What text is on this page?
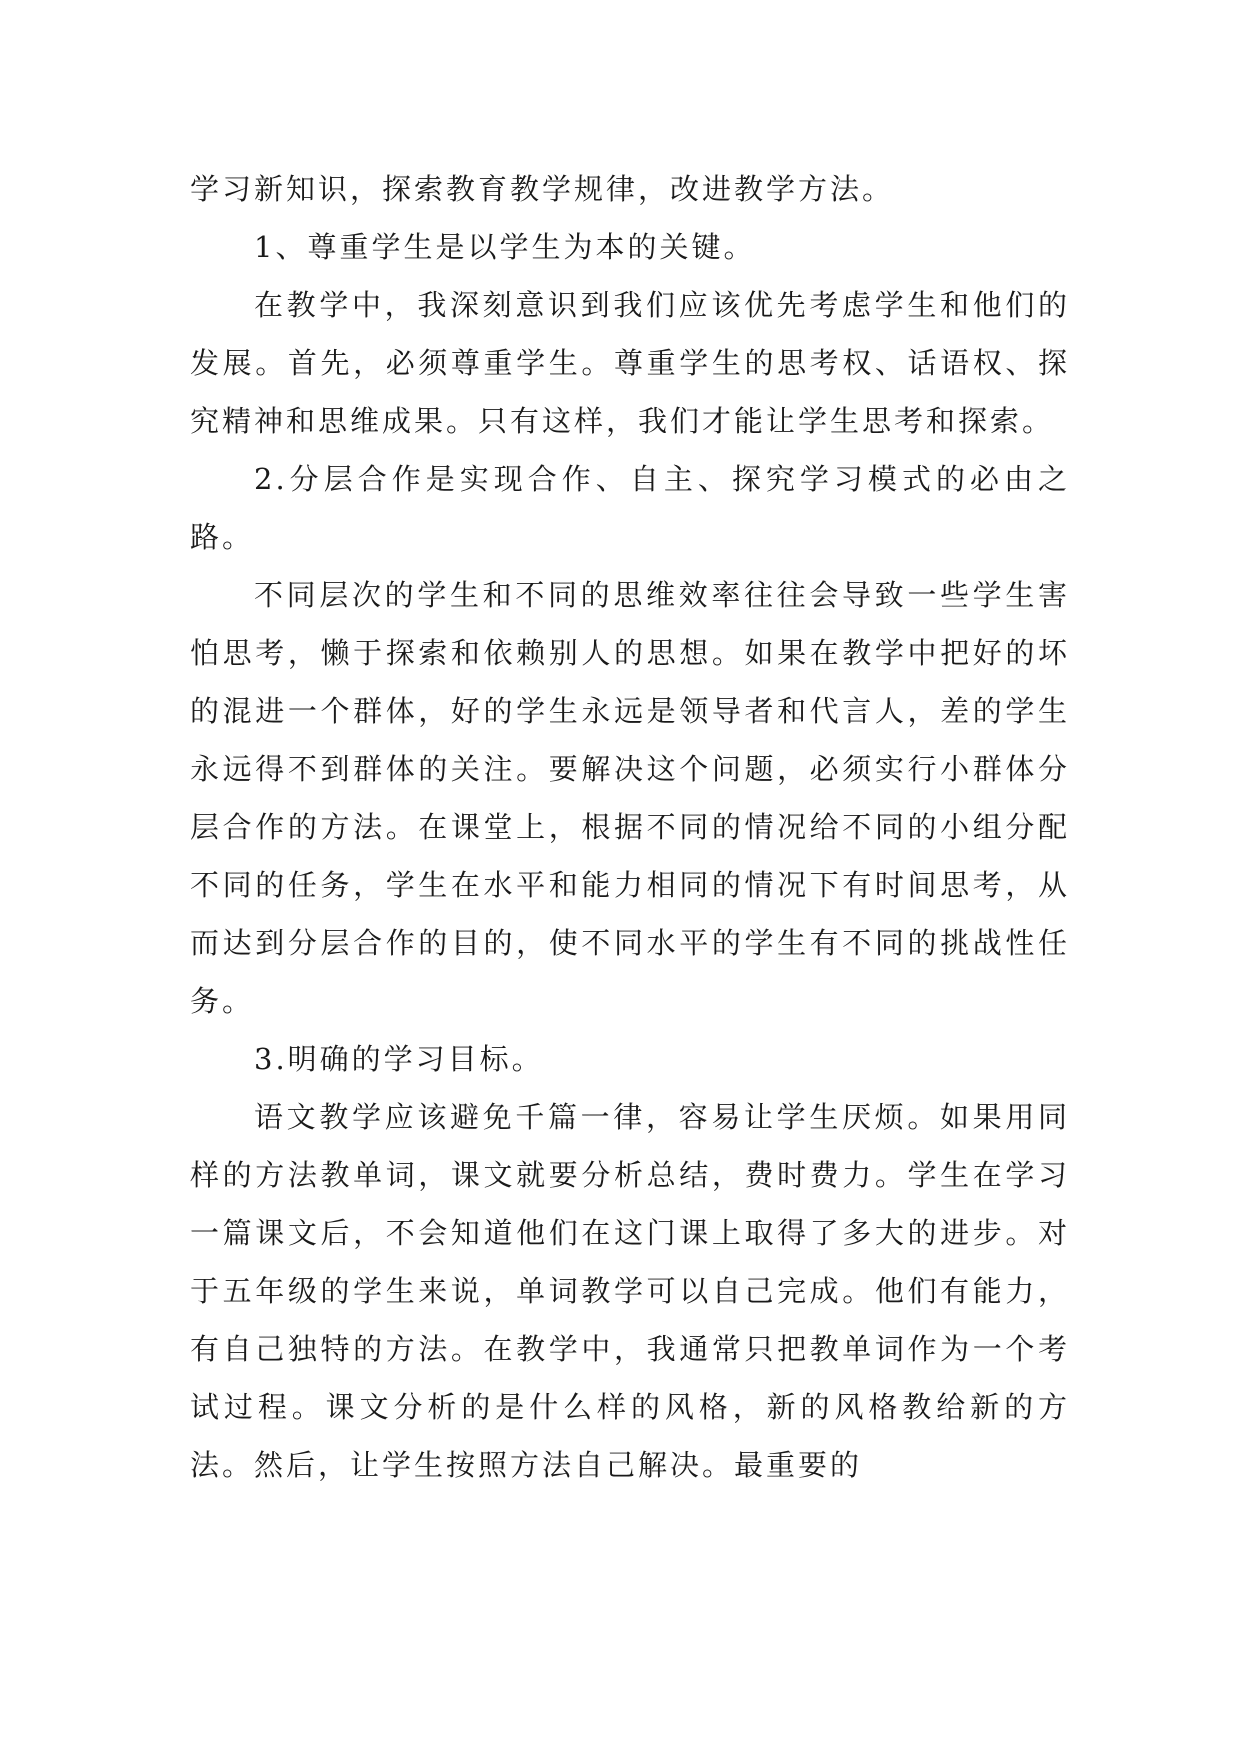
学习新知识，探索教育教学规律，改进教学方法。

1、尊重学生是以学生为本的关键。

在教学中，我深刻意识到我们应该优先考虑学生和他们的发展。首先，必须尊重学生。尊重学生的思考权、话语权、探究精神和思维成果。只有这样，我们才能让学生思考和探索。

2.分层合作是实现合作、自主、探究学习模式的必由之路。

不同层次的学生和不同的思维效率往往会导致一些学生害怕思考，懒于探索和依赖别人的思想。如果在教学中把好的坏的混进一个群体，好的学生永远是领导者和代言人，差的学生永远得不到群体的关注。要解决这个问题，必须实行小群体分层合作的方法。在课堂上，根据不同的情况给不同的小组分配不同的任务，学生在水平和能力相同的情况下有时间思考，从而达到分层合作的目的，使不同水平的学生有不同的挑战性任务。

3.明确的学习目标。

语文教学应该避免千篇一律，容易让学生厌烦。如果用同样的方法教单词，课文就要分析总结，费时费力。学生在学习一篇课文后，不会知道他们在这门课上取得了多大的进步。对于五年级的学生来说，单词教学可以自己完成。他们有能力，有自己独特的方法。在教学中，我通常只把教单词作为一个考试过程。课文分析的是什么样的风格，新的风格教给新的方法。然后，让学生按照方法自己解决。最重要的
